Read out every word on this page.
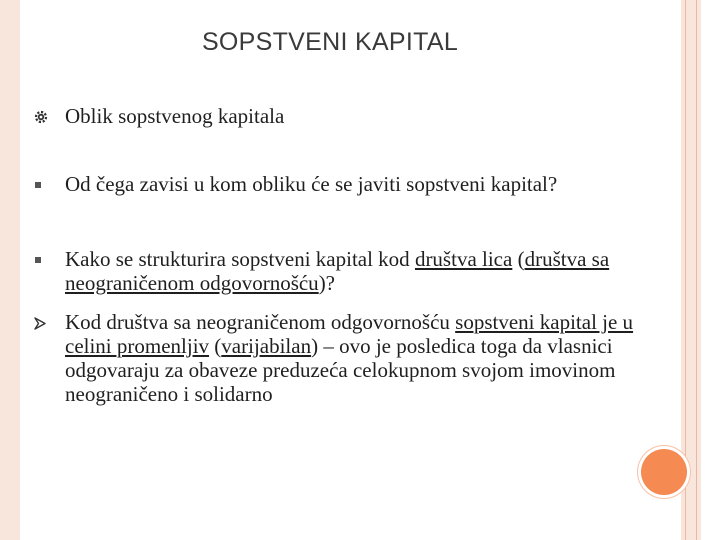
SOPSTVENI KAPITAL
Oblik sopstvenog kapitala
Od čega zavisi u kom obliku će se javiti sopstveni kapital?
Kako se strukturira sopstveni kapital kod društva lica (društva sa neograničenom odgovornošću)?
Kod društva sa neograničenom odgovornošću sopstveni kapital je u celini promenljiv (varijabilan) – ovo je posledica toga da vlasnici odgovaraju za obaveze preduzeća celokupnom svojom imovinom neograničeno i solidarno
